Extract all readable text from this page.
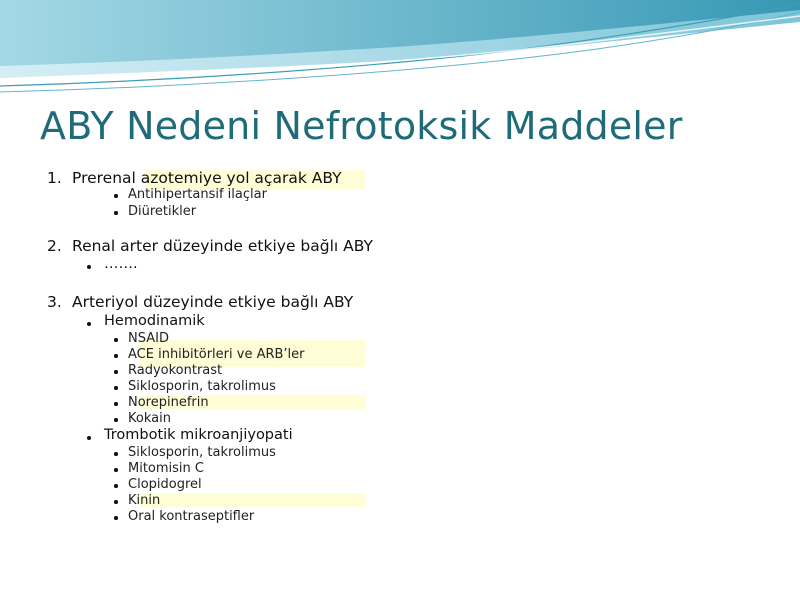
ABY Nedeni Nefrotoksik Maddeler
1. Prerenal azotemiye yol açarak ABY
Antihipertansif ilaçlar
Diüretikler
2. Renal arter düzeyinde etkiye bağlı ABY
…….
3. Arteriyol düzeyinde etkiye bağlı ABY
Hemodinamik
NSAID
ACE inhibitörleri ve ARB’ler
Radyokontrast
Siklosporin, takrolimus
Norepinefrin
Kokain
Trombotik mikroanjiyopati
Siklosporin, takrolimus
Mitomisin C
Clopidogrel
Kinin
Oral kontraseptifler
